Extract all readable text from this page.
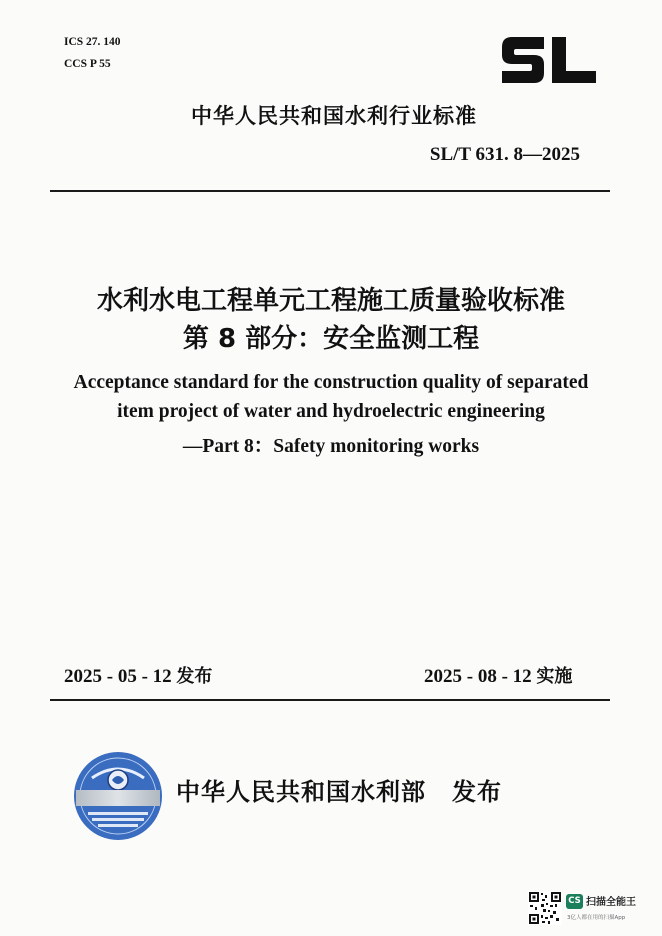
ICS 27. 140
CCS P 55
中华人民共和国水利行业标准
SL/T 631. 8—2025
水利水电工程单元工程施工质量验收标准
第 8 部分：安全监测工程
Acceptance standard for the construction quality of separated
item project of water and hydroelectric engineering
—Part 8：Safety monitoring works
2025 - 05 - 12 发布	2025 - 08 - 12 实施
中华人民共和国水利部 发布
CS 扫描全能王
3亿人都在用的扫描App
